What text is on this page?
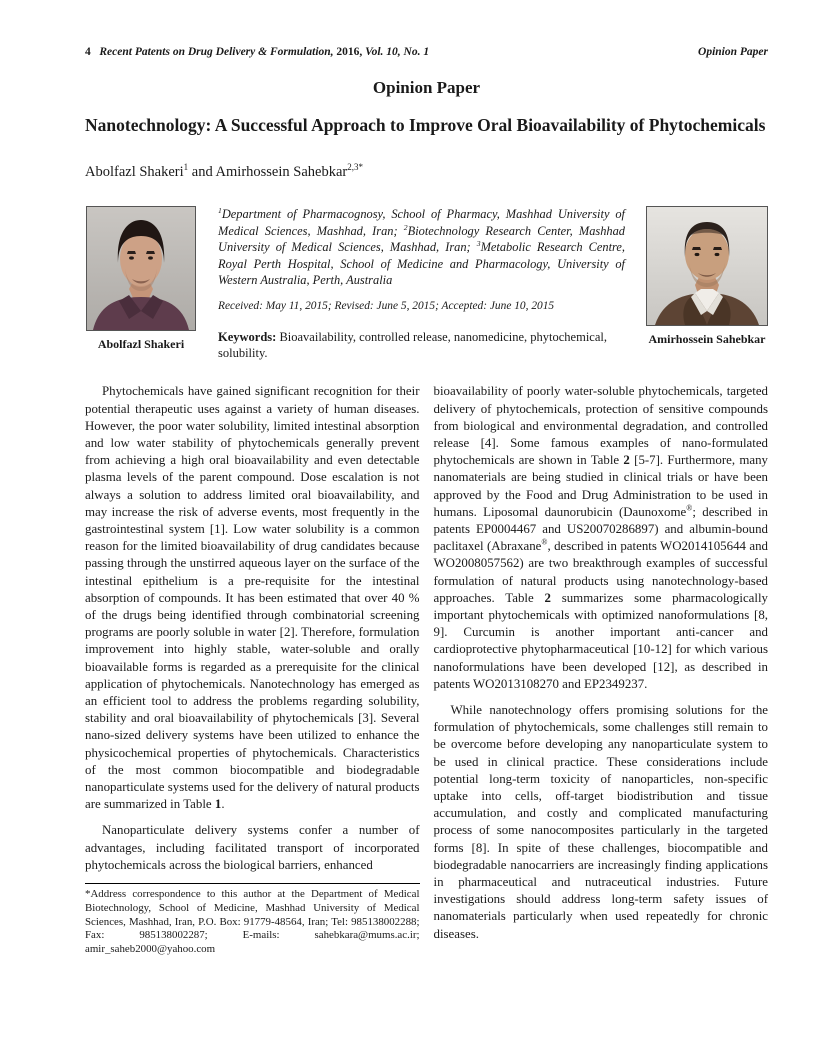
4   Recent Patents on Drug Delivery & Formulation, 2016, Vol. 10, No. 1	Opinion Paper
Opinion Paper
Nanotechnology: A Successful Approach to Improve Oral Bioavailability of Phytochemicals
Abolfazl Shakeri$^1$ and Amirhossein Sahebkar$^{2,3*}$
Abolfazl Shakeri
$^1$Department of Pharmacognosy, School of Pharmacy, Mashhad University of Medical Sciences, Mashhad, Iran; $^2$Biotechnology Research Center, Mashhad University of Medical Sciences, Mashhad, Iran; $^3$Metabolic Research Centre, Royal Perth Hospital, School of Medicine and Pharmacology, University of Western Australia, Perth, Australia
Received: May 11, 2015; Revised: June 5, 2015; Accepted: June 10, 2015
Keywords: Bioavailability, controlled release, nanomedicine, phytochemical, solubility.
Amirhossein Sahebkar

Phytochemicals have gained significant recognition for their potential therapeutic uses against a variety of human diseases. However, the poor water solubility, limited intestinal absorption and low water stability of phytochemicals generally prevent from achieving a high oral bioavailability and even detectable plasma levels of the parent compound. Dose escalation is not always a solution to address limited oral bioavailability, and may increase the risk of adverse events, most frequently in the gastrointestinal system [1]. Low water solubility is a common reason for the limited bioavailability of drug candidates because passing through the unstirred aqueous layer on the surface of the intestinal epithelium is a pre-requisite for the intestinal absorption of compounds. It has been estimated that over 40 % of the drugs being identified through combinatorial screening programs are poorly soluble in water [2]. Therefore, formulation improvement into highly stable, water-soluble and orally bioavailable forms is regarded as a prerequisite for the clinical application of phytochemicals. Nanotechnology has emerged as an efficient tool to address the problems regarding solubility, stability and oral bioavailability of phytochemicals [3]. Several nano-sized delivery systems have been utilized to enhance the physicochemical properties of phytochemicals. Characteristics of the most common biocompatible and biodegradable nanoparticulate systems used for the delivery of natural products are summarized in Table 1.

Nanoparticulate delivery systems confer a number of advantages, including facilitated transport of incorporated phytochemicals across the biological barriers, enhanced

*Address correspondence to this author at the Department of Medical Biotechnology, School of Medicine, Mashhad University of Medical Sciences, Mashhad, Iran, P.O. Box: 91779-48564, Iran; Tel: 985138002288; Fax: 985138002287; E-mails: sahebkara@mums.ac.ir; amir_saheb2000@yahoo.com

bioavailability of poorly water-soluble phytochemicals, targeted delivery of phytochemicals, protection of sensitive compounds from biological and environmental degradation, and controlled release [4]. Some famous examples of nano-formulated phytochemicals are shown in Table 2 [5-7]. Furthermore, many nanomaterials are being studied in clinical trials or have been approved by the Food and Drug Administration to be used in humans. Liposomal daunorubicin (Daunoxome®; described in patents EP0004467 and US20070286897) and albumin-bound paclitaxel (Abraxane®, described in patents WO2014105644 and WO2008057562) are two breakthrough examples of successful formulation of natural products using nanotechnology-based approaches. Table 2 summarizes some pharmacologically important phytochemicals with optimized nanoformulations [8, 9]. Curcumin is another important anti-cancer and cardioprotective phytopharmaceutical [10-12] for which various nanoformulations have been developed [12], as described in patents WO2013108270 and EP2349237.

While nanotechnology offers promising solutions for the formulation of phytochemicals, some challenges still remain to be overcome before developing any nanoparticulate system to be used in clinical practice. These considerations include potential long-term toxicity of nanoparticles, non-specific uptake into cells, off-target biodistribution and tissue accumulation, and costly and complicated manufacturing process of some nanocomposites particularly in the targeted forms [8]. In spite of these challenges, biocompatible and biodegradable nanocarriers are increasingly finding applications in pharmaceutical and nutraceutical industries. Future investigations should address long-term safety issues of nanomaterials particularly when used repeatedly for chronic diseases.
